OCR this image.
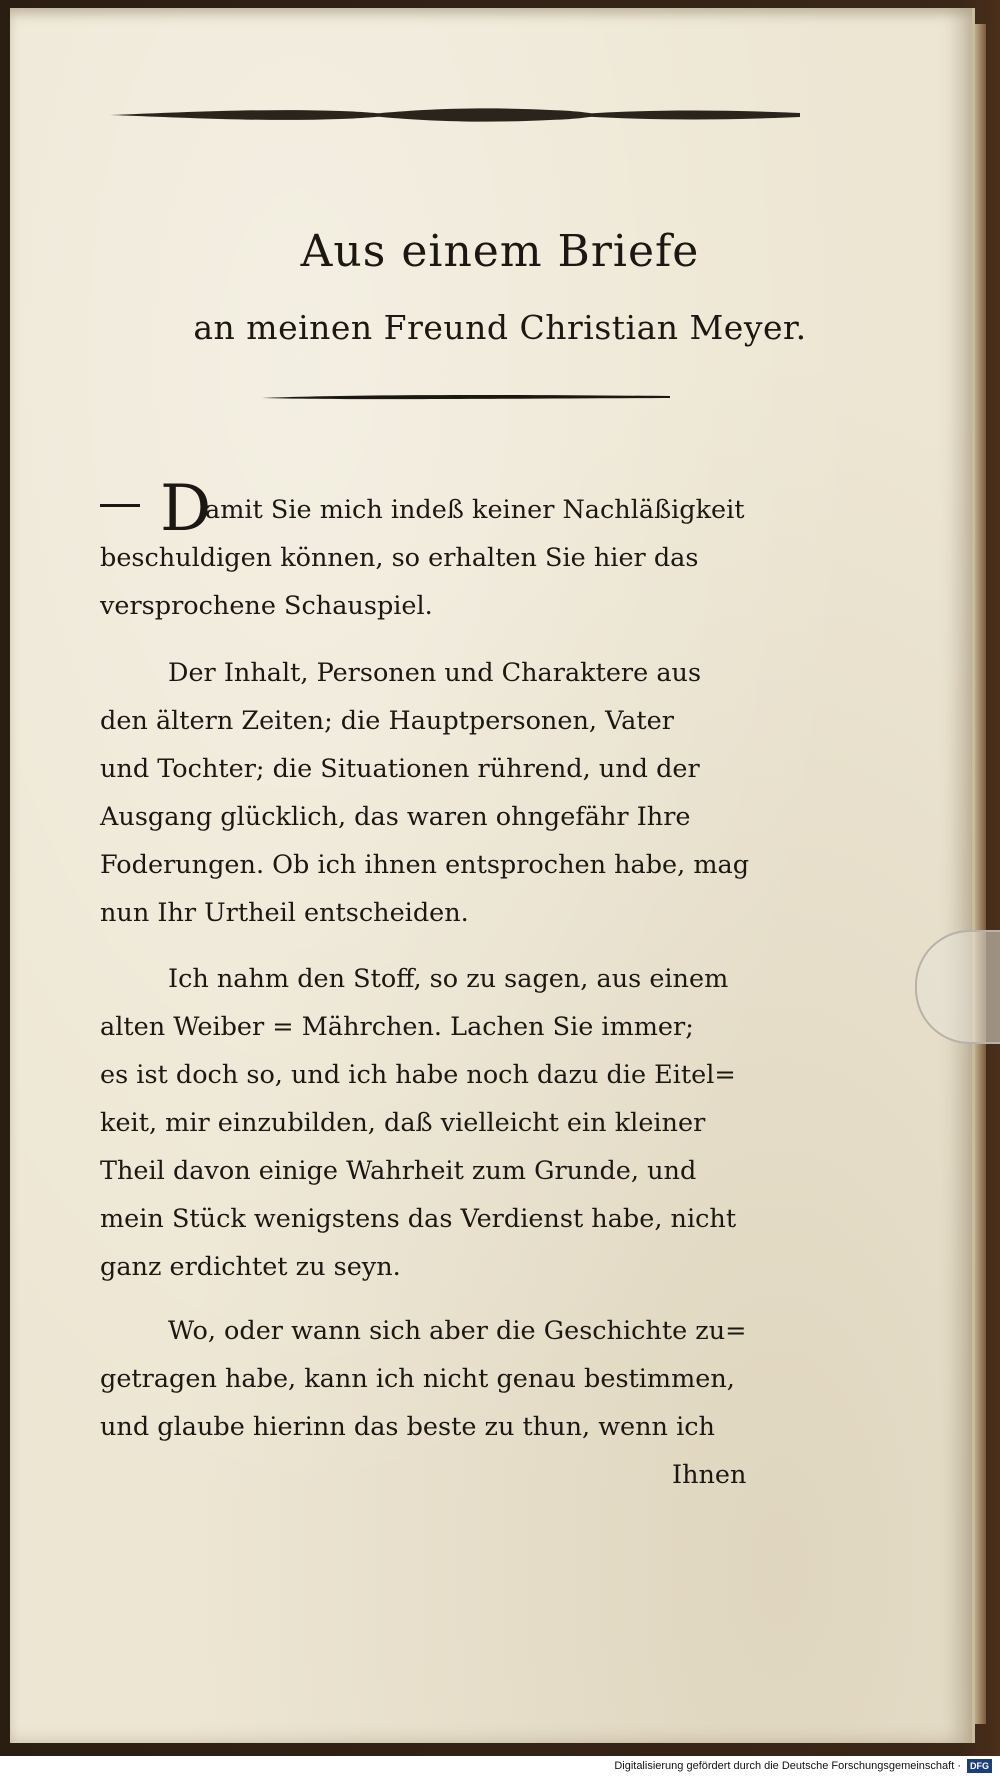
Aus einem Briefe
an meinen Freund Christian Meyer.
D

amit Sie mich indeß keiner Nachläßigkeit

beschuldigen können, so erhalten Sie hier das

versprochene Schauspiel.

Der Inhalt, Personen und Charaktere aus

den ältern Zeiten; die Hauptpersonen, Vater

und Tochter; die Situationen rührend, und der

Ausgang glücklich, das waren ohngefähr Ihre

Foderungen. Ob ich ihnen entsprochen habe, mag

nun Ihr Urtheil entscheiden.

Ich nahm den Stoff, so zu sagen, aus einem

alten Weiber = Mährchen. Lachen Sie immer;

es ist doch so, und ich habe noch dazu die Eitel=

keit, mir einzubilden, daß vielleicht ein kleiner

Theil davon einige Wahrheit zum Grunde, und

mein Stück wenigstens das Verdienst habe, nicht

ganz erdichtet zu seyn.

Wo, oder wann sich aber die Geschichte zu=

getragen habe, kann ich nicht genau bestimmen,

und glaube hierinn das beste zu thun, wenn ich

Ihnen

Digitalisierung gefördert durch die Deutsche Forschungsgemeinschaft · DFG
